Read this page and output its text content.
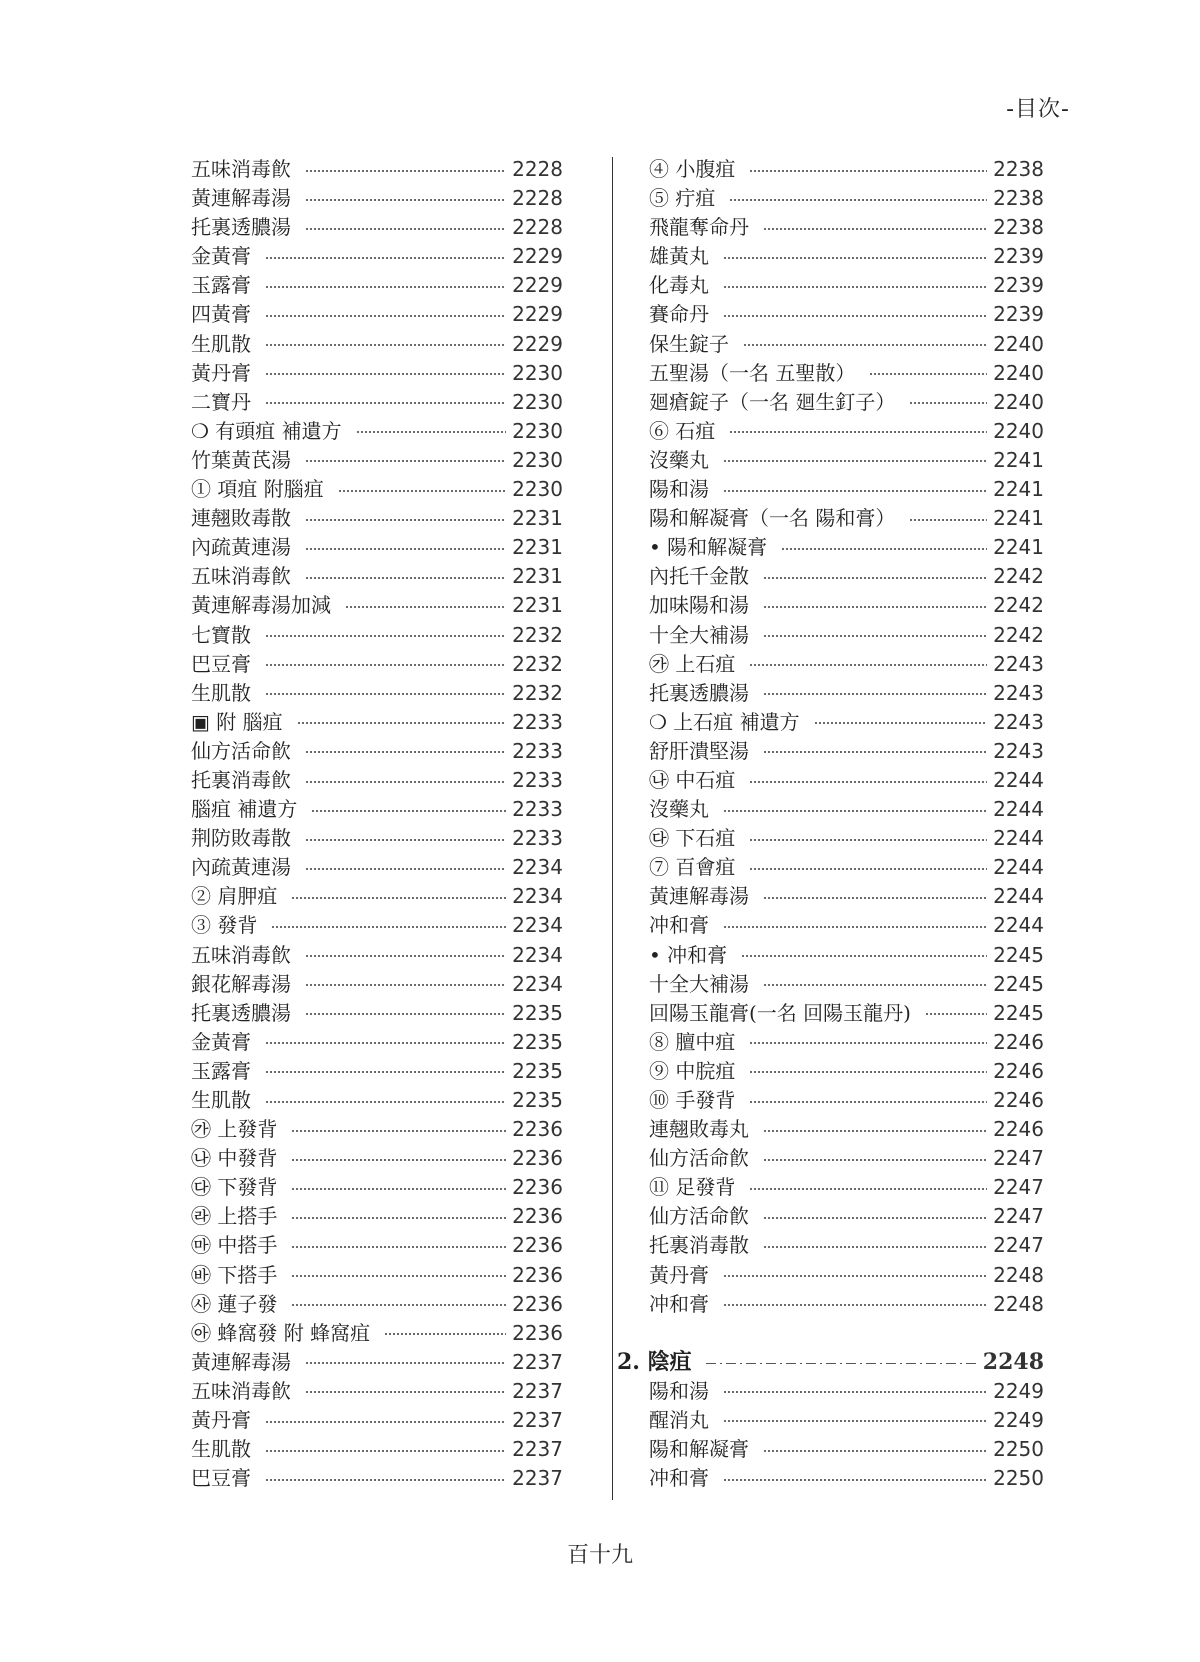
-目次-
五味消毒飮	2228
黃連解毒湯	2228
托裏透膿湯	2228
金黃膏	2229
玉露膏	2229
四黃膏	2229
生肌散	2229
黃丹膏	2230
二寶丹	2230
❍ 有頭疽 補遺方	2230
竹葉黃芪湯	2230
① 項疽 附腦疽	2230
連翹敗毒散	2231
內疏黃連湯	2231
五味消毒飮	2231
黃連解毒湯加減	2231
七寶散	2232
巴豆膏	2232
生肌散	2232
▣ 附 腦疽	2233
仙方活命飮	2233
托裏消毒飮	2233
腦疽 補遺方	2233
荆防敗毒散	2233
內疏黃連湯	2234
② 肩胛疽	2234
③ 發背	2234
五味消毒飮	2234
銀花解毒湯	2234
托裏透膿湯	2235
金黃膏	2235
玉露膏	2235
生肌散	2235
㉮ 上發背	2236
㉯ 中發背	2236
㉰ 下發背	2236
㉱ 上搭手	2236
㉲ 中搭手	2236
㉳ 下搭手	2236
㉴ 蓮子發	2236
㉵ 蜂窩發 附 蜂窩疽	2236
黃連解毒湯	2237
五味消毒飮	2237
黃丹膏	2237
生肌散	2237
巴豆膏	2237
④ 小腹疽	2238
⑤ 疔疽	2238
飛龍奪命丹	2238
雄黃丸	2239
化毒丸	2239
賽命丹	2239
保生錠子	2240
五聖湯（一名 五聖散）	2240
廻瘡錠子（一名 廻生釘子）	2240
⑥ 石疽	2240
沒藥丸	2241
陽和湯	2241
陽和解凝膏（一名 陽和膏）	2241
• 陽和解凝膏	2241
內托千金散	2242
加味陽和湯	2242
十全大補湯	2242
㉮ 上石疽	2243
托裏透膿湯	2243
❍ 上石疽 補遺方	2243
舒肝潰堅湯	2243
㉯ 中石疽	2244
沒藥丸	2244
㉰ 下石疽	2244
⑦ 百會疽	2244
黃連解毒湯	2244
冲和膏	2244
• 冲和膏	2245
十全大補湯	2245
回陽玉龍膏(一名 回陽玉龍丹)	2245
⑧ 膻中疽	2246
⑨ 中脘疽	2246
⑩ 手發背	2246
連翹敗毒丸	2246
仙方活命飮	2247
⑪ 足發背	2247
仙方活命飮	2247
托裏消毒散	2247
黃丹膏	2248
冲和膏	2248
2. 陰疽	2248
陽和湯	2249
醒消丸	2249
陽和解凝膏	2250
冲和膏	2250
百十九
